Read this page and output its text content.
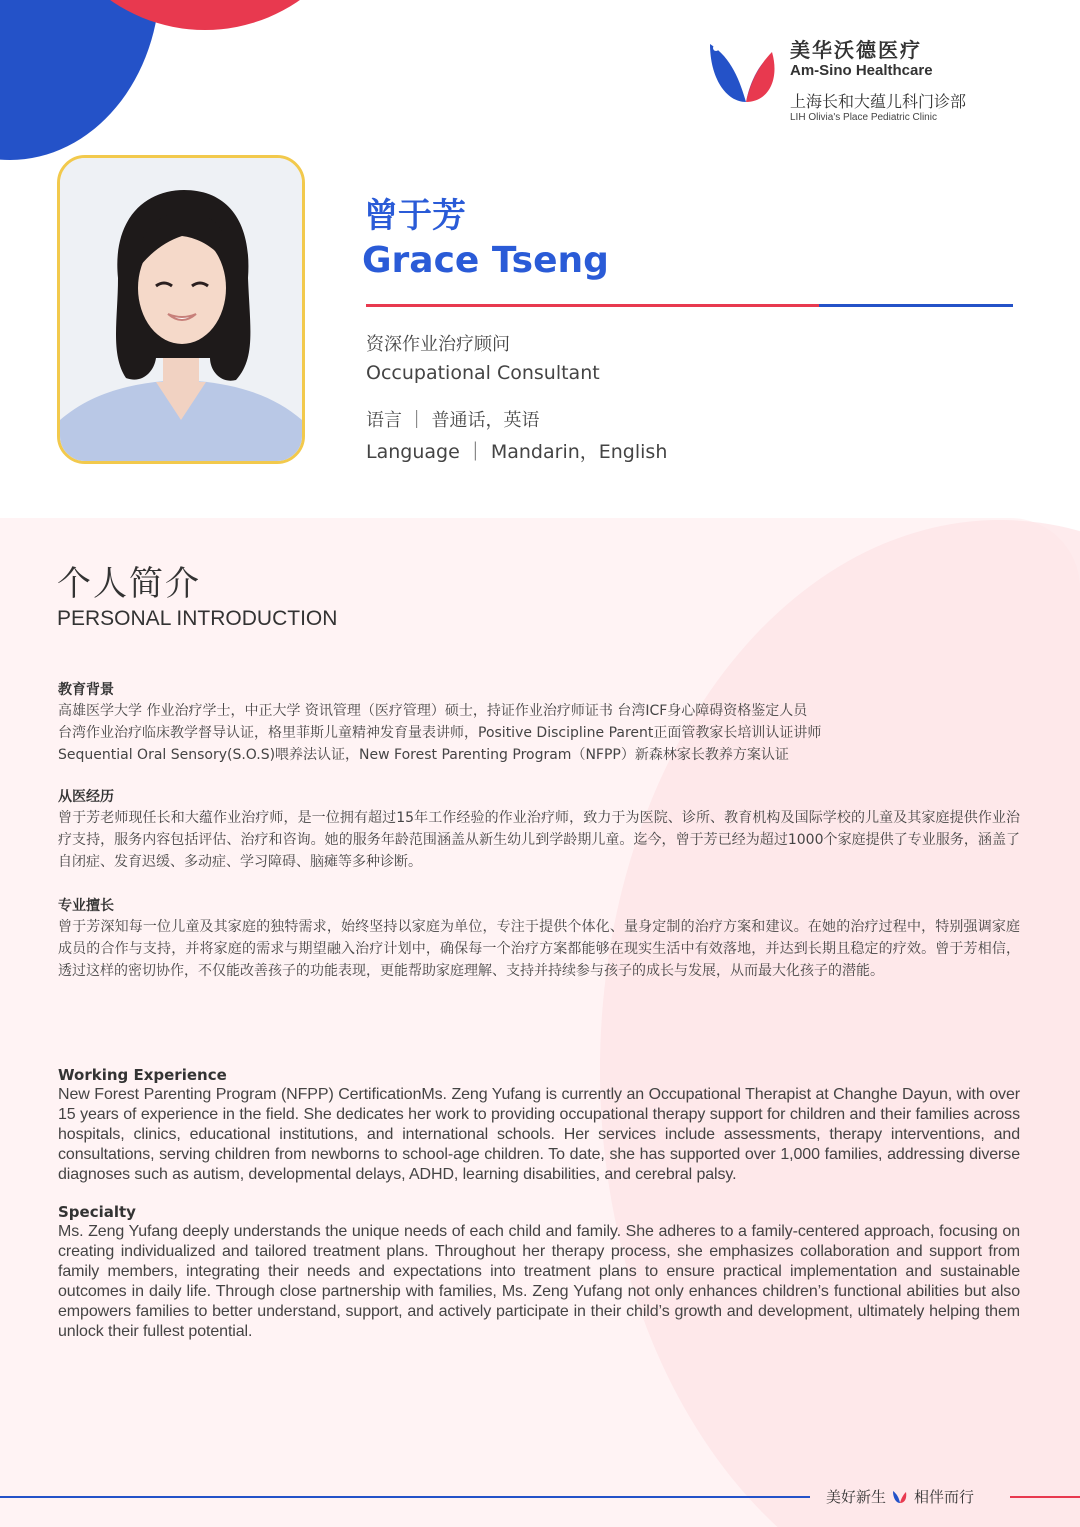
美华沃德医疗
Am-Sino Healthcare
上海长和大蕴儿科门诊部
LIH Olivia's Place Pediatric Clinic
曾于芳
Grace Tseng
资深作业治疗顾问
Occupational Consultant
语言 ｜ 普通话，英语
Language ｜ Mandarin，English
个人简介
PERSONAL INTRODUCTION
教育背景
高雄医学大学 作业治疗学士，中正大学 资讯管理（医疗管理）硕士，持证作业治疗师证书 台湾ICF身心障碍资格鉴定人员
台湾作业治疗临床教学督导认证，格里菲斯儿童精神发育量表讲师，Positive Discipline Parent正面管教家长培训认证讲师
Sequential Oral Sensory(S.O.S)喂养法认证，New Forest Parenting Program（NFPP）新森林家长教养方案认证
从医经历
曾于芳老师现任长和大蕴作业治疗师，是一位拥有超过15年工作经验的作业治疗师，致力于为医院、诊所、教育机构及国际学校的儿童及其家庭提供作业治疗支持，服务内容包括评估、治疗和咨询。她的服务年龄范围涵盖从新生幼儿到学龄期儿童。迄今，曾于芳已经为超过1000个家庭提供了专业服务，涵盖了自闭症、发育迟缓、多动症、学习障碍、脑瘫等多种诊断。
专业擅长
曾于芳深知每一位儿童及其家庭的独特需求，始终坚持以家庭为单位，专注于提供个体化、量身定制的治疗方案和建议。在她的治疗过程中，特别强调家庭成员的合作与支持，并将家庭的需求与期望融入治疗计划中，确保每一个治疗方案都能够在现实生活中有效落地，并达到长期且稳定的疗效。曾于芳相信，透过这样的密切协作，不仅能改善孩子的功能表现，更能帮助家庭理解、支持并持续参与孩子的成长与发展，从而最大化孩子的潜能。
Working Experience
New Forest Parenting Program (NFPP) CertificationMs. Zeng Yufang is currently an Occupational Therapist at Changhe Dayun, with over 15 years of experience in the field. She dedicates her work to providing occupational therapy support for children and their families across hospitals, clinics, educational institutions, and international schools. Her services include assessments, therapy interventions, and consultations, serving children from newborns to school-age children. To date, she has supported over 1,000 families, addressing diverse diagnoses such as autism, developmental delays, ADHD, learning disabilities, and cerebral palsy.
Specialty
Ms. Zeng Yufang deeply understands the unique needs of each child and family. She adheres to a family-centered approach, focusing on creating individualized and tailored treatment plans. Throughout her therapy process, she emphasizes collaboration and support from family members, integrating their needs and expectations into treatment plans to ensure practical implementation and sustainable outcomes in daily life. Through close partnership with families, Ms. Zeng Yufang not only enhances children’s functional abilities but also empowers families to better understand, support, and actively participate in their child’s growth and development, ultimately helping them unlock their fullest potential.
美好新生 相伴而行
